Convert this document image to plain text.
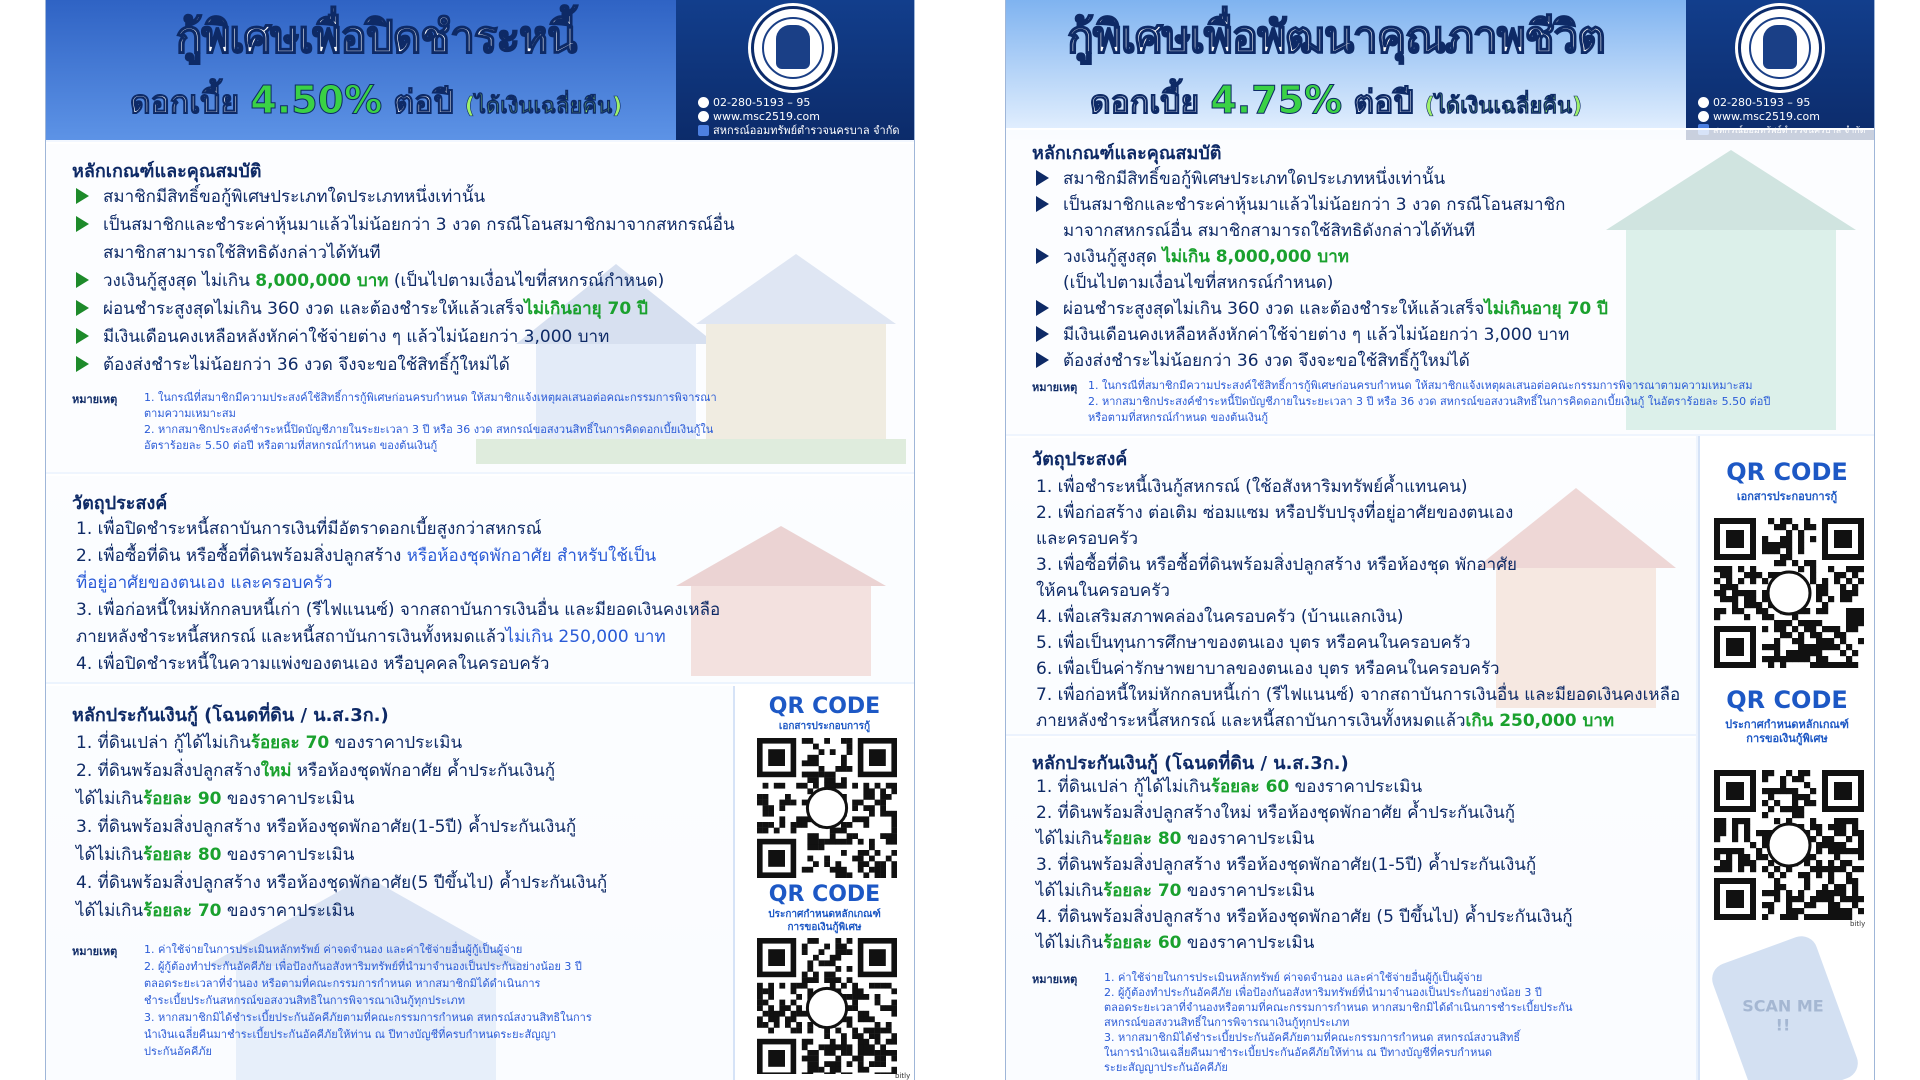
กู้พิเศษเพื่อปิดชำระหนี้
ดอกเบี้ย 4.50% ต่อปี (ได้เงินเฉลี่ยคืน)	02-280-5193 – 95
www.msc2519.com
สหกรณ์ออมทรัพย์ตำรวจนครบาล จำกัด
หลักเกณฑ์และคุณสมบัติ
สมาชิกมีสิทธิ์ขอกู้พิเศษประเภทใดประเภทหนึ่งเท่านั้น
เป็นสมาชิกและชำระค่าหุ้นมาแล้วไม่น้อยกว่า 3 งวด กรณีโอนสมาชิกมาจากสหกรณ์อื่น
สมาชิกสามารถใช้สิทธิดังกล่าวได้ทันที
วงเงินกู้สูงสุด ไม่เกิน 8,000,000 บาท (เป็นไปตามเงื่อนไขที่สหกรณ์กำหนด)
ผ่อนชำระสูงสุดไม่เกิน 360 งวด และต้องชำระให้แล้วเสร็จไม่เกินอายุ 70 ปี
มีเงินเดือนคงเหลือหลังหักค่าใช้จ่ายต่าง ๆ แล้วไม่น้อยกว่า 3,000 บาท
ต้องส่งชำระไม่น้อยกว่า 36 งวด จึงจะขอใช้สิทธิ์กู้ใหม่ได้
หมายเหตุ 1. ในกรณีที่สมาชิกมีความประสงค์ใช้สิทธิ์การกู้พิเศษก่อนครบกำหนด ให้สมาชิกแจ้งเหตุผลเสนอต่อคณะกรรมการพิจารณา
ตามความเหมาะสม
2. หากสมาชิกประสงค์ชำระหนี้ปิดบัญชีภายในระยะเวลา 3 ปี หรือ 36 งวด สหกรณ์ขอสงวนสิทธิ์ในการคิดดอกเบี้ยเงินกู้ใน
อัตราร้อยละ 5.50 ต่อปี หรือตามที่สหกรณ์กำหนด ของต้นเงินกู้
วัตถุประสงค์
1. เพื่อปิดชำระหนี้สถาบันการเงินที่มีอัตราดอกเบี้ยสูงกว่าสหกรณ์
2. เพื่อซื้อที่ดิน หรือซื้อที่ดินพร้อมสิ่งปลูกสร้าง หรือห้องชุดพักอาศัย สำหรับใช้เป็น
ที่อยู่อาศัยของตนเอง และครอบครัว
3. เพื่อก่อหนี้ใหม่หักกลบหนี้เก่า (รีไฟแนนซ์) จากสถาบันการเงินอื่น และมียอดเงินคงเหลือ
ภายหลังชำระหนี้สหกรณ์ และหนี้สถาบันการเงินทั้งหมดแล้วไม่เกิน 250,000 บาท
4. เพื่อปิดชำระหนี้ในความแพ่งของตนเอง หรือบุคคลในครอบครัว
หลักประกันเงินกู้ (โฉนดที่ดิน / น.ส.3ก.)
1. ที่ดินเปล่า กู้ได้ไม่เกินร้อยละ 70 ของราคาประเมิน
2. ที่ดินพร้อมสิ่งปลูกสร้างใหม่ หรือห้องชุดพักอาศัย ค้ำประกันเงินกู้
ได้ไม่เกินร้อยละ 90 ของราคาประเมิน
3. ที่ดินพร้อมสิ่งปลูกสร้าง หรือห้องชุดพักอาศัย(1-5ปี) ค้ำประกันเงินกู้
ได้ไม่เกินร้อยละ 80 ของราคาประเมิน
4. ที่ดินพร้อมสิ่งปลูกสร้าง หรือห้องชุดพักอาศัย(5 ปีขึ้นไป) ค้ำประกันเงินกู้
ได้ไม่เกินร้อยละ 70 ของราคาประเมิน
หมายเหตุ 1. ค่าใช้จ่ายในการประเมินหลักทรัพย์ ค่าจดจำนอง และค่าใช้จ่ายอื่นผู้กู้เป็นผู้จ่าย
2. ผู้กู้ต้องทำประกันอัคคีภัย เพื่อป้องกันอสังหาริมทรัพย์ที่นำมาจำนองเป็นประกันอย่างน้อย 3 ปี
ตลอดระยะเวลาที่จำนอง หรือตามที่คณะกรรมการกำหนด หากสมาชิกมิได้ดำเนินการ
ชำระเบี้ยประกันสหกรณ์ขอสงวนสิทธิในการพิจารณาเงินกู้ทุกประเภท
3. หากสมาชิกมิได้ชำระเบี้ยประกันอัคคีภัยตามที่คณะกรรมการกำหนด สหกรณ์สงวนสิทธิในการ
นำเงินเฉลี่ยคืนมาชำระเบี้ยประกันอัคคีภัยให้ท่าน ณ ปีทางบัญชีที่ครบกำหนดระยะสัญญา
ประกันอัคคีภัย
QR CODE
เอกสารประกอบการกู้
QR CODE
ประกาศกำหนดหลักเกณฑ์
การขอเงินกู้พิเศษ
bitly
กู้พิเศษเพื่อพัฒนาคุณภาพชีวิต
ดอกเบี้ย 4.75% ต่อปี (ได้เงินเฉลี่ยคืน)	02-280-5193 – 95
www.msc2519.com
หลักเกณฑ์และคุณสมบัติ
สมาชิกมีสิทธิ์ขอกู้พิเศษประเภทใดประเภทหนึ่งเท่านั้น
เป็นสมาชิกและชำระค่าหุ้นมาแล้วไม่น้อยกว่า 3 งวด กรณีโอนสมาชิก
มาจากสหกรณ์อื่น สมาชิกสามารถใช้สิทธิดังกล่าวได้ทันที
วงเงินกู้สูงสุด ไม่เกิน 8,000,000 บาท
(เป็นไปตามเงื่อนไขที่สหกรณ์กำหนด)
ผ่อนชำระสูงสุดไม่เกิน 360 งวด และต้องชำระให้แล้วเสร็จไม่เกินอายุ 70 ปี
มีเงินเดือนคงเหลือหลังหักค่าใช้จ่ายต่าง ๆ แล้วไม่น้อยกว่า 3,000 บาท
ต้องส่งชำระไม่น้อยกว่า 36 งวด จึงจะขอใช้สิทธิ์กู้ใหม่ได้
หมายเหตุ 1. ในกรณีที่สมาชิกมีความประสงค์ใช้สิทธิ์การกู้พิเศษก่อนครบกำหนด ให้สมาชิกแจ้งเหตุผลเสนอต่อคณะกรรมการพิจารณาตามความเหมาะสม
2. หากสมาชิกประสงค์ชำระหนี้ปิดบัญชีภายในระยะเวลา 3 ปี หรือ 36 งวด สหกรณ์ขอสงวนสิทธิ์ในการคิดดอกเบี้ยเงินกู้ ในอัตราร้อยละ 5.50 ต่อปี
หรือตามที่สหกรณ์กำหนด ของต้นเงินกู้
วัตถุประสงค์
1. เพื่อชำระหนี้เงินกู้สหกรณ์ (ใช้อสังหาริมทรัพย์ค้ำแทนคน)
2. เพื่อก่อสร้าง ต่อเติม ซ่อมแซม หรือปรับปรุงที่อยู่อาศัยของตนเอง
และครอบครัว
3. เพื่อซื้อที่ดิน หรือซื้อที่ดินพร้อมสิ่งปลูกสร้าง หรือห้องชุด พักอาศัย
ให้คนในครอบครัว
4. เพื่อเสริมสภาพคล่องในครอบครัว (บ้านแลกเงิน)
5. เพื่อเป็นทุนการศึกษาของตนเอง บุตร หรือคนในครอบครัว
6. เพื่อเป็นค่ารักษาพยาบาลของตนเอง บุตร หรือคนในครอบครัว
7. เพื่อก่อหนี้ใหม่หักกลบหนี้เก่า (รีไฟแนนซ์) จากสถาบันการเงินอื่น และมียอดเงินคงเหลือ
ภายหลังชำระหนี้สหกรณ์ และหนี้สถาบันการเงินทั้งหมดแล้วเกิน 250,000 บาท
หลักประกันเงินกู้ (โฉนดที่ดิน / น.ส.3ก.)
1. ที่ดินเปล่า กู้ได้ไม่เกินร้อยละ 60 ของราคาประเมิน
2. ที่ดินพร้อมสิ่งปลูกสร้างใหม่ หรือห้องชุดพักอาศัย ค้ำประกันเงินกู้
ได้ไม่เกินร้อยละ 80 ของราคาประเมิน
3. ที่ดินพร้อมสิ่งปลูกสร้าง หรือห้องชุดพักอาศัย(1-5ปี) ค้ำประกันเงินกู้
ได้ไม่เกินร้อยละ 70 ของราคาประเมิน
4. ที่ดินพร้อมสิ่งปลูกสร้าง หรือห้องชุดพักอาศัย (5 ปีขึ้นไป) ค้ำประกันเงินกู้
ได้ไม่เกินร้อยละ 60 ของราคาประเมิน
หมายเหตุ 1. ค่าใช้จ่ายในการประเมินหลักทรัพย์ ค่าจดจำนอง และค่าใช้จ่ายอื่นผู้กู้เป็นผู้จ่าย
2. ผู้กู้ต้องทำประกันอัคคีภัย เพื่อป้องกันอสังหาริมทรัพย์ที่นำมาจำนองเป็นประกันอย่างน้อย 3 ปี
ตลอดระยะเวลาที่จำนองหรือตามที่คณะกรรมการกำหนด หากสมาชิกมิได้ดำเนินการชำระเบี้ยประกัน
สหกรณ์ขอสงวนสิทธิ์ในการพิจารณาเงินกู้ทุกประเภท
3. หากสมาชิกมิได้ชำระเบี้ยประกันอัคคีภัยตามที่คณะกรรมการกำหนด สหกรณ์สงวนสิทธิ์
ในการนำเงินเฉลี่ยคืนมาชำระเบี้ยประกันอัคคีภัยให้ท่าน ณ ปีทางบัญชีที่ครบกำหนด
ระยะสัญญาประกันอัคคีภัย
QR CODE
เอกสารประกอบการกู้
QR CODE
ประกาศกำหนดหลักเกณฑ์
การขอเงินกู้พิเศษ
bitly
SCAN ME !!
